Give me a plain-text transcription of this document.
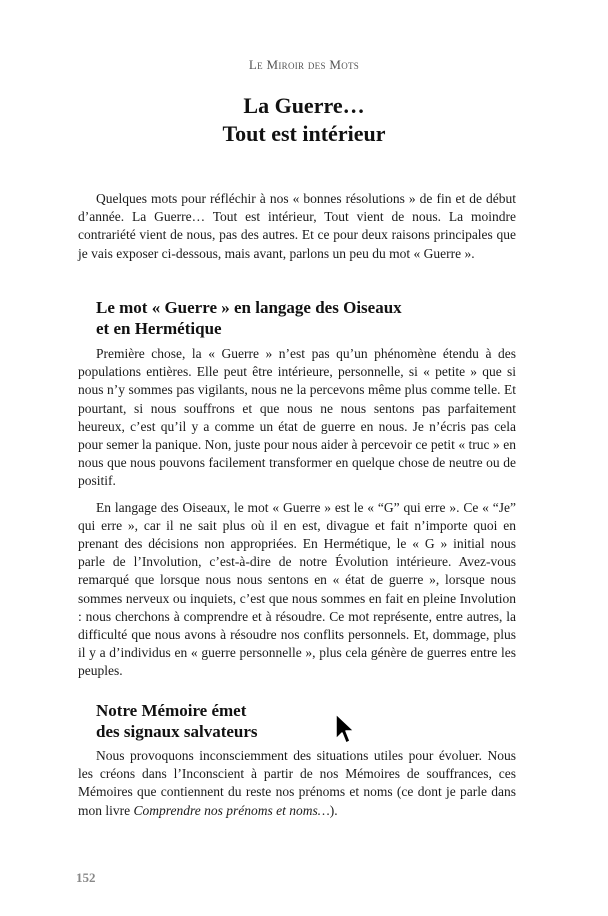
Le Miroir des Mots
La Guerre…
Tout est intérieur

Quelques mots pour réfléchir à nos « bonnes résolutions » de fin et de début d’année. La Guerre… Tout est intérieur, Tout vient de nous. La moindre contrariété vient de nous, pas des autres. Et ce pour deux raisons principales que je vais exposer ci-dessous, mais avant, parlons un peu du mot « Guerre ».

Le mot « Guerre » en langage des Oiseaux
et en Hermétique

Première chose, la « Guerre » n’est pas qu’un phénomène étendu à des populations entières. Elle peut être intérieure, personnelle, si « petite » que si nous n’y sommes pas vigilants, nous ne la percevons même plus comme telle. Et pourtant, si nous souffrons et que nous ne nous sentons pas parfaitement heureux, c’est qu’il y a comme un état de guerre en nous. Je n’écris pas cela pour semer la panique. Non, juste pour nous aider à percevoir ce petit « truc » en nous que nous pouvons facilement transformer en quelque chose de neutre ou de positif.

En langage des Oiseaux, le mot « Guerre » est le « “G” qui erre ». Ce « “Je” qui erre », car il ne sait plus où il en est, divague et fait n’importe quoi en prenant des décisions non appropriées. En Hermétique, le « G » initial nous parle de l’Involution, c’est-à-dire de notre Évolution intérieure. Avez-vous remarqué que lorsque nous nous sentons en « état de guerre », lorsque nous sommes nerveux ou inquiets, c’est que nous sommes en fait en pleine Involution : nous cherchons à comprendre et à résoudre. Ce mot représente, entre autres, la difficulté que nous avons à résoudre nos conflits personnels. Et, dommage, plus il y a d’individus en « guerre personnelle », plus cela génère de guerres entre les peuples.

Notre Mémoire émet
des signaux salvateurs

Nous provoquons inconsciemment des situations utiles pour évoluer. Nous les créons dans l’Inconscient à partir de nos Mémoires de souffrances, ces Mémoires que contiennent du reste nos prénoms et noms (ce dont je parle dans mon livre Comprendre nos prénoms et noms…).

152
